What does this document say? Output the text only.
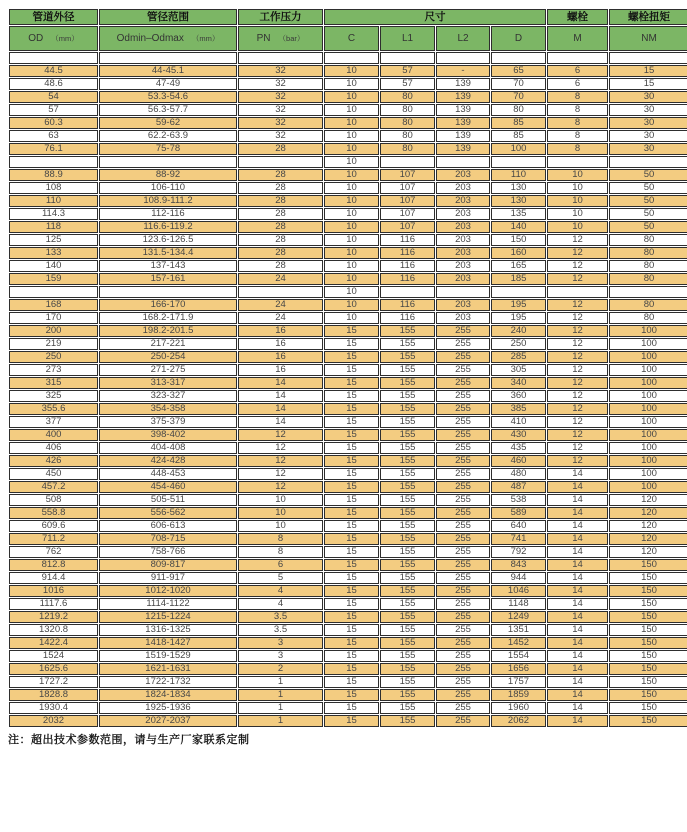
管道外径	管径范围	工作压力	尺寸				螺栓	螺栓扭矩
OD （mm）	Odmin–Odmax （mm）	PN （bar）	C	L1	L2	D	M	NM

44.5	44-45.1	32	10	57	-	65	6	15
48.6	47-49	32	10	57	139	70	6	15
54	53.3-54.6	32	10	80	139	70	8	30
57	56.3-57.7	32	10	80	139	80	8	30
60.3	59-62	32	10	80	139	85	8	30
63	62.2-63.9	32	10	80	139	85	8	30
76.1	75-78	28	10	80	139	100	8	30
			10					
88.9	88-92	28	10	107	203	110	10	50
108	106-110	28	10	107	203	130	10	50
110	108.9-111.2	28	10	107	203	130	10	50
114.3	112-116	28	10	107	203	135	10	50
118	116.6-119.2	28	10	107	203	140	10	50
125	123.6-126.5	28	10	116	203	150	12	80
133	131.5-134.4	28	10	116	203	160	12	80
140	137-143	28	10	116	203	165	12	80
159	157-161	24	10	116	203	185	12	80
			10					
168	166-170	24	10	116	203	195	12	80
170	168.2-171.9	24	10	116	203	195	12	80
200	198.2-201.5	16	15	155	255	240	12	100
219	217-221	16	15	155	255	250	12	100
250	250-254	16	15	155	255	285	12	100
273	271-275	16	15	155	255	305	12	100
315	313-317	14	15	155	255	340	12	100
325	323-327	14	15	155	255	360	12	100
355.6	354-358	14	15	155	255	385	12	100
377	375-379	14	15	155	255	410	12	100
400	398-402	12	15	155	255	430	12	100
406	404-408	12	15	155	255	435	12	100
426	424-428	12	15	155	255	460	12	100
450	448-453	12	15	155	255	480	14	100
457.2	454-460	12	15	155	255	487	14	100
508	505-511	10	15	155	255	538	14	120
558.8	556-562	10	15	155	255	589	14	120
609.6	606-613	10	15	155	255	640	14	120
711.2	708-715	8	15	155	255	741	14	120
762	758-766	8	15	155	255	792	14	120
812.8	809-817	6	15	155	255	843	14	150
914.4	911-917	5	15	155	255	944	14	150
1016	1012-1020	4	15	155	255	1046	14	150
1117.6	1114-1122	4	15	155	255	1148	14	150
1219.2	1215-1224	3.5	15	155	255	1249	14	150
1320.8	1316-1325	3.5	15	155	255	1351	14	150
1422.4	1418-1427	3	15	155	255	1452	14	150
1524	1519-1529	3	15	155	255	1554	14	150
1625.6	1621-1631	2	15	155	255	1656	14	150
1727.2	1722-1732	1	15	155	255	1757	14	150
1828.8	1824-1834	1	15	155	255	1859	14	150
1930.4	1925-1936	1	15	155	255	1960	14	150
2032	2027-2037	1	15	155	255	2062	14	150
注：超出技术参数范围，请与生产厂家联系定制
